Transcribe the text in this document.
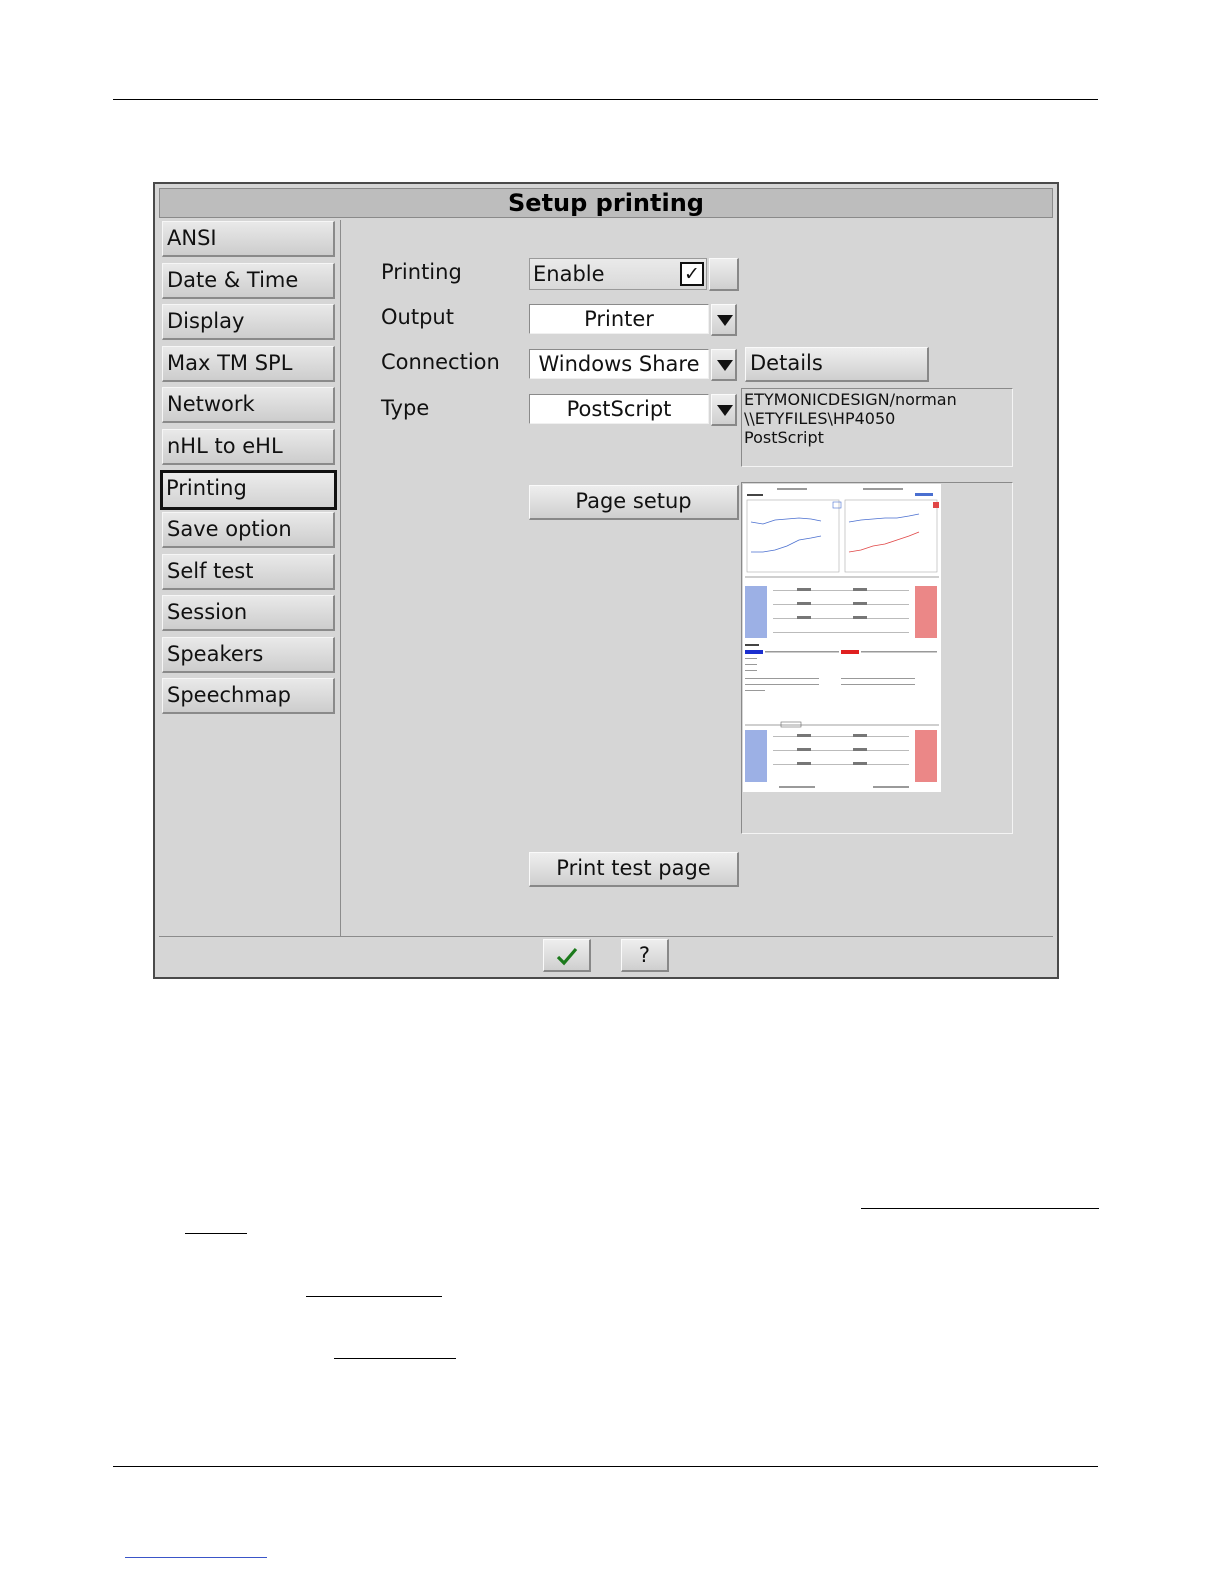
Setup printing
ANSI
Date & Time
Display
Max TM SPL
Network
nHL to eHL
Printing
Save option
Self test
Session
Speakers
Speechmap
Printing	Enable	✓
Output	Printer
Connection	Windows Share	Details
Type	PostScript	ETYMONICDESIGN/norman
\\ETYFILES\HP4050
PostScript
Page setup
Print test page
?
